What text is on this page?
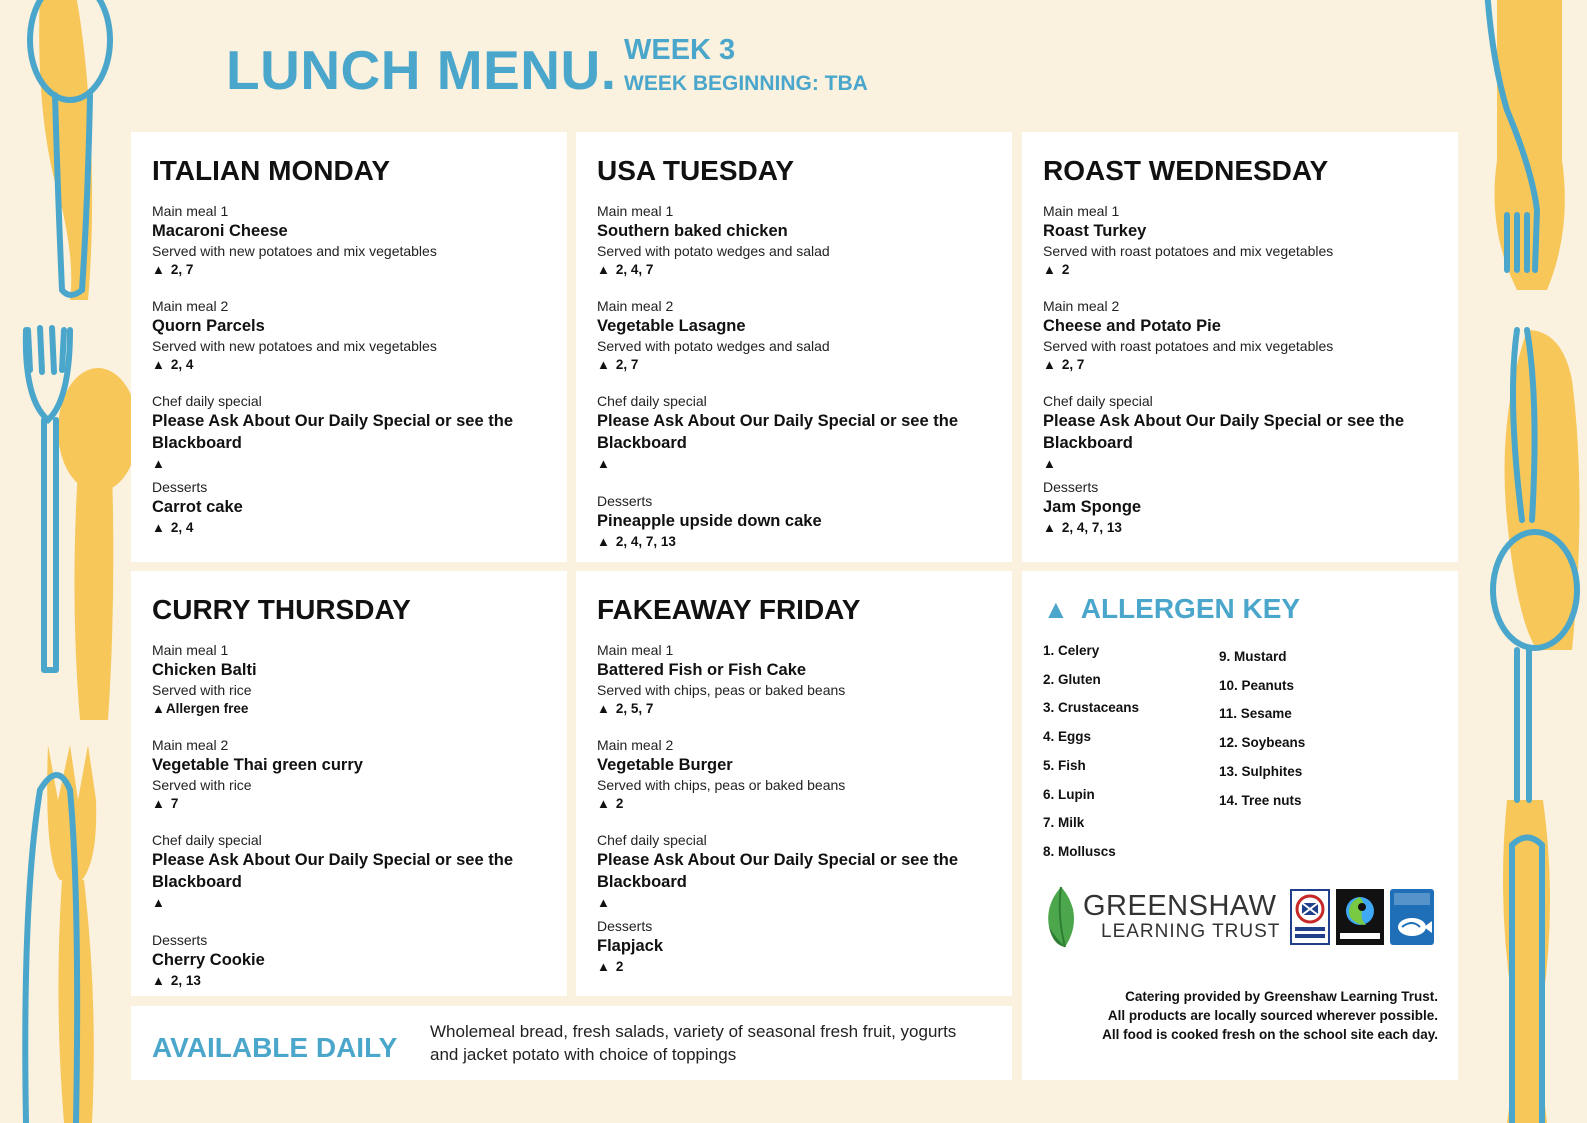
LUNCH MENU. WEEK 3
WEEK BEGINNING: TBA
ITALIAN MONDAY
Main meal 1
Macaroni Cheese
Served with new potatoes and mix vegetables
▲ 2, 7
Main meal 2
Quorn Parcels
Served with new potatoes and mix vegetables
▲ 2, 4
Chef daily special
Please Ask About Our Daily Special or see the Blackboard
▲
Desserts
Carrot cake
▲ 2, 4
USA TUESDAY
Main meal 1
Southern baked chicken
Served with potato wedges and salad
▲ 2, 4, 7
Main meal 2
Vegetable Lasagne
Served with potato wedges and salad
▲ 2, 7
Chef daily special
Please Ask About Our Daily Special or see the Blackboard
▲
Desserts
Pineapple upside down cake
▲ 2, 4, 7, 13
ROAST WEDNESDAY
Main meal 1
Roast Turkey
Served with roast potatoes and mix vegetables
▲ 2
Main meal 2
Cheese and Potato Pie
Served with roast potatoes and mix vegetables
▲ 2, 7
Chef daily special
Please Ask About Our Daily Special or see the Blackboard
▲
Desserts
Jam Sponge
▲ 2, 4, 7, 13
CURRY THURSDAY
Main meal 1
Chicken Balti
Served with rice
▲Allergen free
Main meal 2
Vegetable Thai green curry
Served with rice
▲ 7
Chef daily special
Please Ask About Our Daily Special or see the Blackboard
▲
Desserts
Cherry Cookie
▲ 2, 13
FAKEAWAY FRIDAY
Main meal 1
Battered Fish or Fish Cake
Served with chips, peas or baked beans
▲ 2, 5, 7
Main meal 2
Vegetable Burger
Served with chips, peas or baked beans
▲ 2
Chef daily special
Please Ask About Our Daily Special or see the Blackboard
▲
Desserts
Flapjack
▲ 2
AVAILABLE DAILY
Wholemeal bread, fresh salads, variety of seasonal fresh fruit, yogurts and jacket potato with choice of toppings
▲ ALLERGEN KEY
1. Celery
2. Gluten
3. Crustaceans
4. Eggs
5. Fish
6. Lupin
7. Milk
8. Molluscs
9. Mustard
10. Peanuts
11. Sesame
12. Soybeans
13. Sulphites
14. Tree nuts
GREENSHAW
LEARNING TRUST
Catering provided by Greenshaw Learning Trust.
All products are locally sourced wherever possible.
All food is cooked fresh on the school site each day.
